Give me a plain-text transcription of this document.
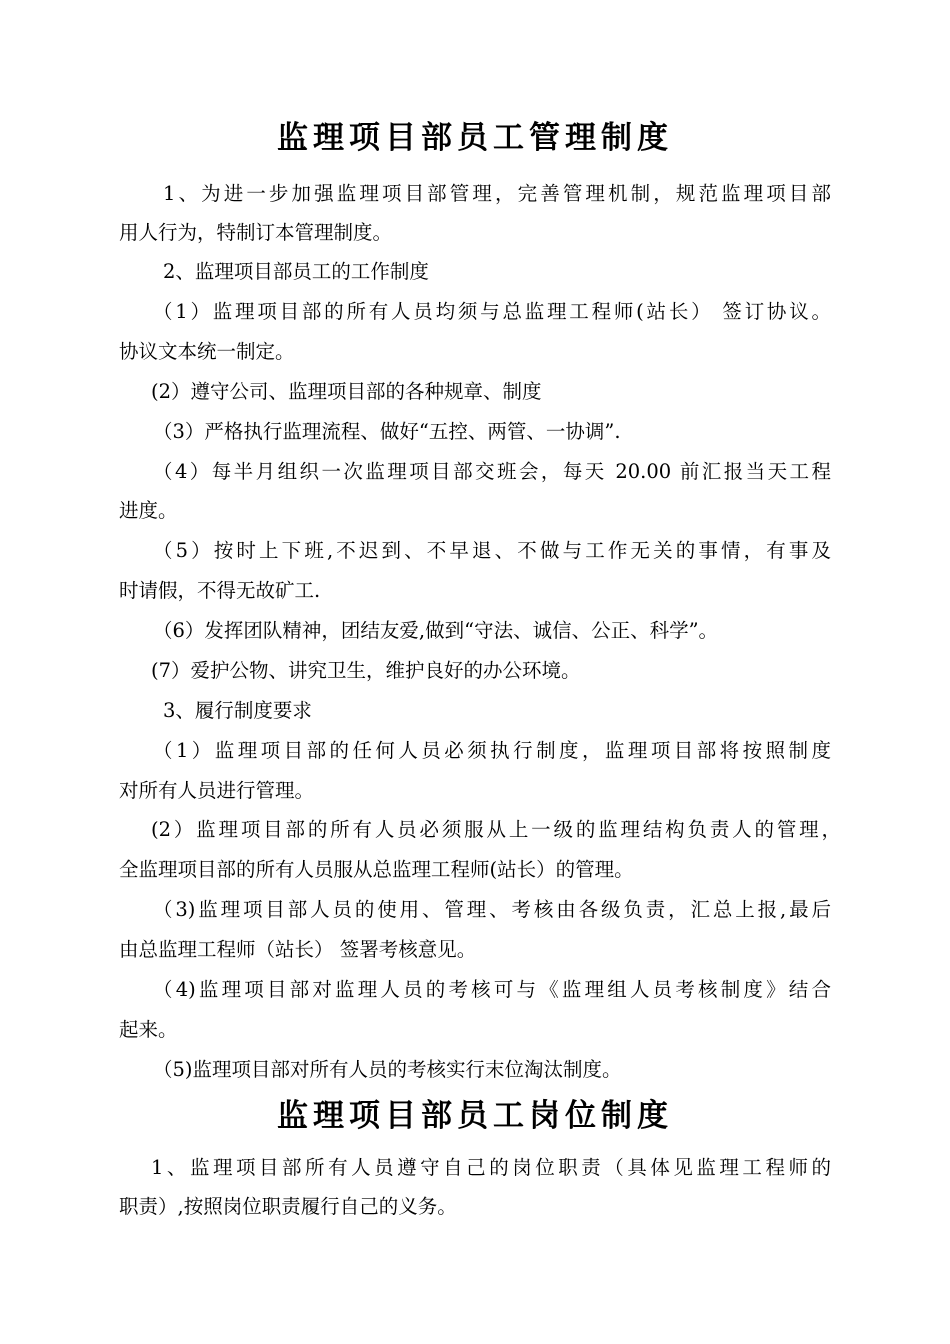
监理项目部员工管理制度
1、为进一步加强监理项目部管理，完善管理机制，规范监理项目部
用人行为，特制订本管理制度。
2、监理项目部员工的工作制度
（1）监理项目部的所有人员均须与总监理工程师(站长） 签订协议。
协议文本统一制定。
(2）遵守公司、监理项目部的各种规章、制度
（3）严格执行监理流程、做好“五控、两管、一协调”.
（4）每半月组织一次监理项目部交班会，每天 20.00 前汇报当天工程
进度。
（5）按时上下班,不迟到、不早退、不做与工作无关的事情，有事及
时请假，不得无故矿工.
（6）发挥团队精神，团结友爱,做到“守法、诚信、公正、科学”。
(7）爱护公物、讲究卫生，维护良好的办公环境。
3、履行制度要求
（1）监理项目部的任何人员必须执行制度，监理项目部将按照制度
对所有人员进行管理。
(2）监理项目部的所有人员必须服从上一级的监理结构负责人的管理，
全监理项目部的所有人员服从总监理工程师(站长）的管理。
（3)监理项目部人员的使用、管理、考核由各级负责，汇总上报,最后
由总监理工程师（站长） 签署考核意见。
（4)监理项目部对监理人员的考核可与《监理组人员考核制度》结合
起来。
（5)监理项目部对所有人员的考核实行末位淘汰制度。
监理项目部员工岗位制度
1、监理项目部所有人员遵守自己的岗位职责（具体见监理工程师的
职责）,按照岗位职责履行自己的义务。
